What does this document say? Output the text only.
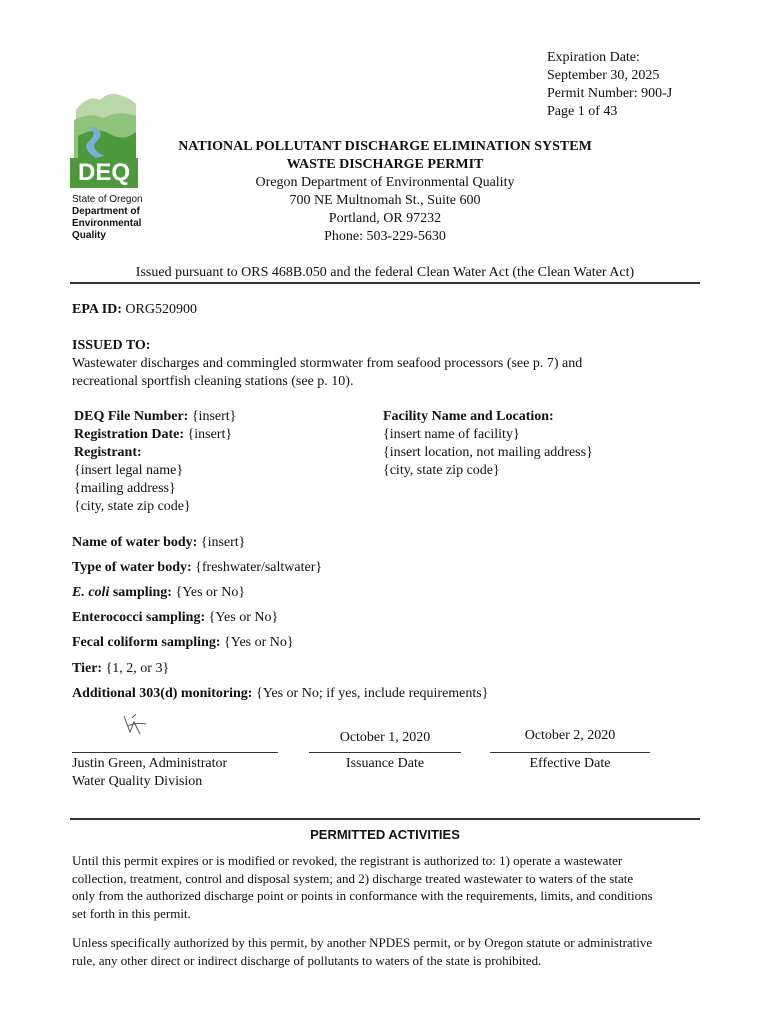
Expiration Date:
September 30, 2025
Permit Number: 900-J
Page 1 of 43
DEQ
State of Oregon
Department of
Environmental
Quality
NATIONAL POLLUTANT DISCHARGE ELIMINATION SYSTEM
WASTE DISCHARGE PERMIT
Oregon Department of Environmental Quality
700 NE Multnomah St., Suite 600
Portland, OR 97232
Phone: 503-229-5630
Issued pursuant to ORS 468B.050 and the federal Clean Water Act (the Clean Water Act)
EPA ID: ORG520900
ISSUED TO:
Wastewater discharges and commingled stormwater from seafood processors (see p. 7) and
recreational sportfish cleaning stations (see p. 10).
DEQ File Number: {insert}
Registration Date: {insert}
Registrant:
{insert legal name}
{mailing address}
{city, state zip code}
Facility Name and Location:
{insert name of facility}
{insert location, not mailing address}
{city, state zip code}
Name of water body: {insert}
Type of water body: {freshwater/saltwater}
E. coli sampling: {Yes or No}
Enterococci sampling: {Yes or No}
Fecal coliform sampling: {Yes or No}
Tier: {1, 2, or 3}
Additional 303(d) monitoring: {Yes or No; if yes, include requirements}
Justin Green, Administrator
Water Quality Division
October 1, 2020
Issuance Date
October 2, 2020
Effective Date
PERMITTED ACTIVITIES
Until this permit expires or is modified or revoked, the registrant is authorized to: 1) operate a wastewater
collection, treatment, control and disposal system; and 2) discharge treated wastewater to waters of the state
only from the authorized discharge point or points in conformance with the requirements, limits, and conditions
set forth in this permit.
Unless specifically authorized by this permit, by another NPDES permit, or by Oregon statute or administrative
rule, any other direct or indirect discharge of pollutants to waters of the state is prohibited.
